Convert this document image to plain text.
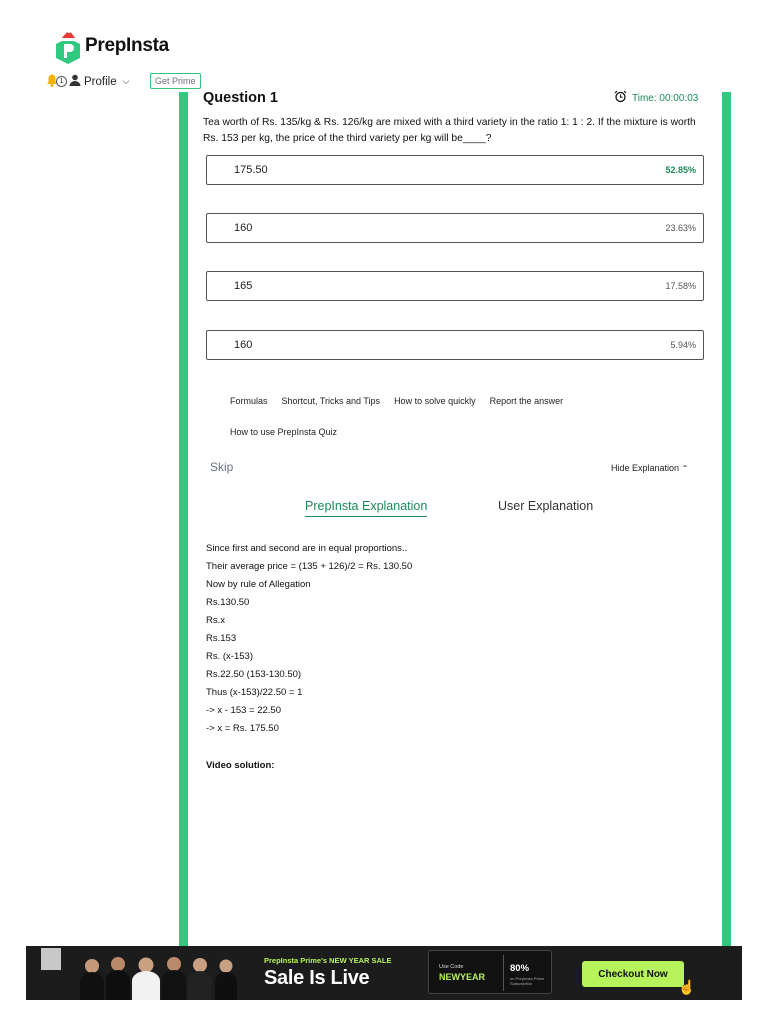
PrepInsta
1	Profile ⌵	Get Prime
Question 1	Time: 00:00:03
Tea worth of Rs. 135/kg & Rs. 126/kg are mixed with a third variety in the ratio 1: 1 : 2. If the mixture is worth Rs. 153 per kg, the price of the third variety per kg will be____?
175.50	52.85%
160	23.63%
165	17.58%
160	5.94%
Formulas Shortcut, Tricks and Tips How to solve quickly Report the answer
How to use PrepInsta Quiz
Skip	Hide Explanation ⌃
PrepInsta Explanation	User Explanation
Since first and second are in equal proportions..
Their average price = (135 + 126)/2 = Rs. 130.50
Now by rule of Allegation
Rs.130.50
Rs.x
Rs.153
Rs. (x-153)
Rs.22.50 (153-130.50)
Thus (x-153)/22.50 = 1
-> x - 153 = 22.50
-> x = Rs. 175.50
Video solution:
PrepInsta Prime's NEW YEAR SALE
Sale Is Live	Use Code
NEWYEAR
80%
on PrepInsta Prime Subscription
Checkout Now
☝
